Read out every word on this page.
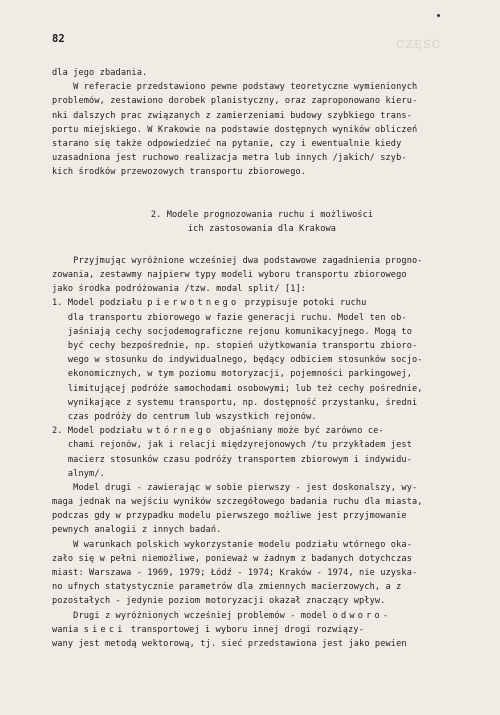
CZĘŚĆ
82
dla jego zbadania.
W referacie przedstawiono pewne podstawy teoretyczne wymienionych
problemów, zestawiono dorobek planistyczny, oraz zaproponowano kieru-
nki dalszych prac związanych z zamierzeniami budowy szybkiego trans-
portu miejskiego. W Krakowie na podstawie dostępnych wyników obliczeń
starano się także odpowiedzieć na pytanie, czy i ewentualnie kiedy
uzasadniona jest ruchowo realizacja metra lub innych /jakich/ szyb-
kich środków przewozowych transportu zbiorowego.
2. Modele prognozowania ruchu i możliwości
ich zastosowania dla Krakowa
Przyjmując wyróżnione wcześniej dwa podstawowe zagadnienia progno-
zowania, zestawmy najpierw typy modeli wyboru transportu zbiorowego
jako środka podróżowania /tzw. modal split/ [1]:
1. Model podziału pierwotnego przypisuje potoki ruchu
dla transportu zbiorowego w fazie generacji ruchu. Model ten ob-
jaśniają cechy socjodemograficzne rejonu komunikacyjnego. Mogą to
być cechy bezpośrednie, np. stopień użytkowania transportu zbioro-
wego w stosunku do indywidualnego, będący odbiciem stosunków socjo-
ekonomicznych, w tym poziomu motoryzacji, pojemności parkingowej,
limitującej podróże samochodami osobowymi; lub też cechy pośrednie,
wynikające z systemu transportu, np. dostępność przystanku, średni
czas podróży do centrum lub wszystkich rejonów.
2. Model podziału wtórnego objaśniany może być zarówno ce-
chami rejonów, jak i relacji międzyrejonowych /tu przykładem jest
macierz stosunków czasu podróży transportem zbiorowym i indywidu-
alnym/.
Model drugi - zawierając w sobie pierwszy - jest doskonalszy, wy-
maga jednak na wejściu wyników szczegółowego badania ruchu dla miasta,
podczas gdy w przypadku modelu pierwszego możliwe jest przyjmowanie
pewnych analogii z innych badań.
W warunkach polskich wykorzystanie modelu podziału wtórnego oka-
zało się w pełni niemożliwe, ponieważ w żadnym z badanych dotychczas
miast: Warszawa - 1969, 1979; Łódź - 1974; Kraków - 1974, nie uzyska-
no ufnych statystycznie parametrów dla zmiennych macierzowych, a z
pozostałych - jedynie poziom motoryzacji okazał znaczący wpływ.
Drugi z wyróżnionych wcześniej problemów - model odworo-
wania sieci transportowej i wyboru innej drogi rozwiązy-
wany jest metodą wektorową, tj. sieć przedstawiona jest jako pewien
